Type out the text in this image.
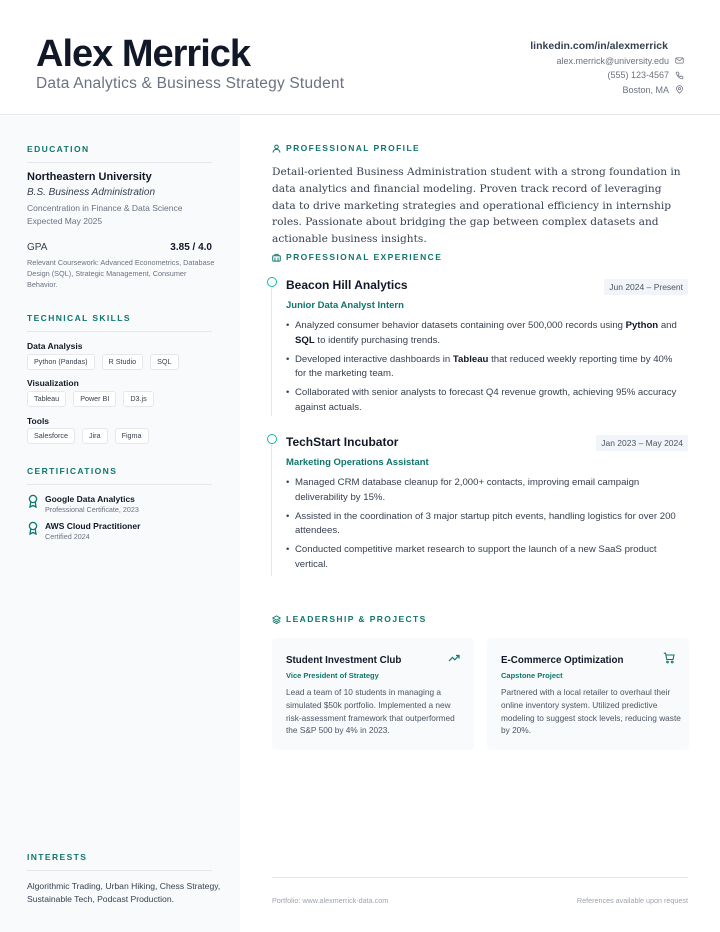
Alex Merrick
Data Analytics & Business Strategy Student
linkedin.com/in/alexmerrick
alex.merrick@university.edu
(555) 123-4567
Boston, MA
EDUCATION
Northeastern University
B.S. Business Administration
Concentration in Finance & Data Science
Expected May 2025
GPA	3.85 / 4.0
Relevant Coursework: Advanced Econometrics, Database Design (SQL), Strategic Management, Consumer Behavior.
TECHNICAL SKILLS
Data Analysis
Python (Pandas)	R Studio	SQL
Visualization
Tableau	Power BI	D3.js
Tools
Salesforce	Jira	Figma
CERTIFICATIONS
Google Data Analytics
Professional Certificate, 2023
AWS Cloud Practitioner
Certified 2024
INTERESTS
Algorithmic Trading, Urban Hiking, Chess Strategy, Sustainable Tech, Podcast Production.
PROFESSIONAL PROFILE
Detail-oriented Business Administration student with a strong foundation in data analytics and financial modeling. Proven track record of leveraging data to drive marketing strategies and operational efficiency in internship roles. Passionate about bridging the gap between complex datasets and actionable business insights.
PROFESSIONAL EXPERIENCE
Beacon Hill Analytics	Jun 2024 – Present
Junior Data Analyst Intern
• Analyzed consumer behavior datasets containing over 500,000 records using Python and SQL to identify purchasing trends.
• Developed interactive dashboards in Tableau that reduced weekly reporting time by 40% for the marketing team.
• Collaborated with senior analysts to forecast Q4 revenue growth, achieving 95% accuracy against actuals.
TechStart Incubator	Jan 2023 – May 2024
Marketing Operations Assistant
• Managed CRM database cleanup for 2,000+ contacts, improving email campaign deliverability by 15%.
• Assisted in the coordination of 3 major startup pitch events, handling logistics for over 200 attendees.
• Conducted competitive market research to support the launch of a new SaaS product vertical.
LEADERSHIP & PROJECTS
Student Investment Club
Vice President of Strategy
Lead a team of 10 students in managing a simulated $50k portfolio. Implemented a new risk-assessment framework that outperformed the S&P 500 by 4% in 2023.
E-Commerce Optimization
Capstone Project
Partnered with a local retailer to overhaul their online inventory system. Utilized predictive modeling to suggest stock levels, reducing waste by 20%.
Portfolio: www.alexmerrick-data.com	References available upon request
